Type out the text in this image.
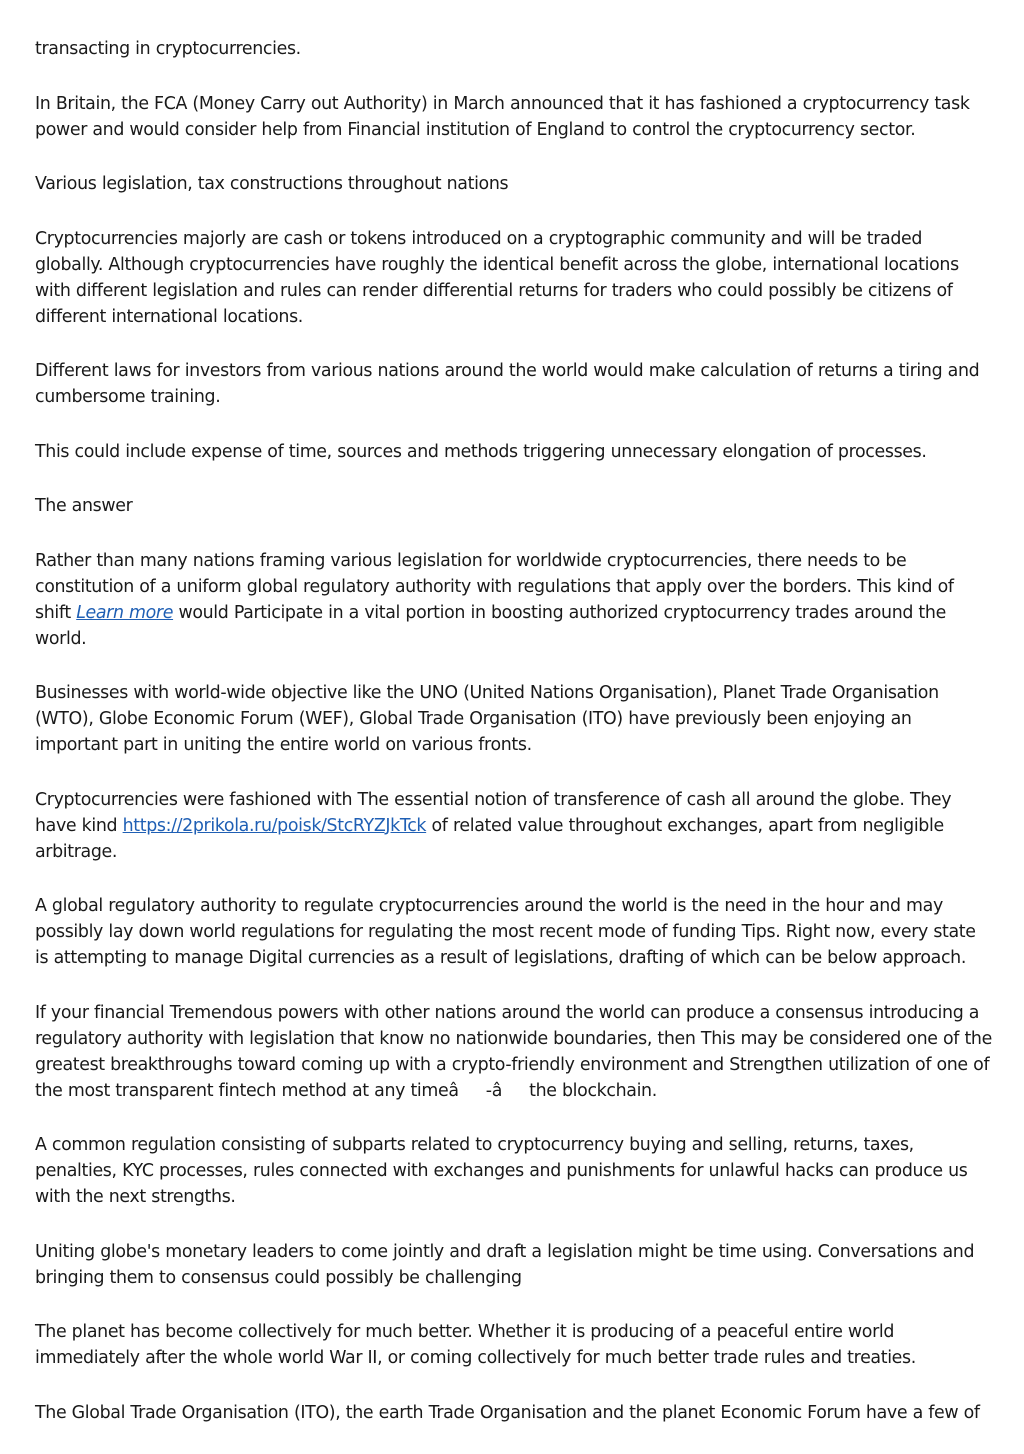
transacting in cryptocurrencies.

In Britain, the FCA (Money Carry out Authority) in March announced that it has fashioned a cryptocurrency task power and would consider help from Financial institution of England to control the cryptocurrency sector.

Various legislation, tax constructions throughout nations

Cryptocurrencies majorly are cash or tokens introduced on a cryptographic community and will be traded globally. Although cryptocurrencies have roughly the identical benefit across the globe, international locations with different legislation and rules can render differential returns for traders who could possibly be citizens of different international locations.

Different laws for investors from various nations around the world would make calculation of returns a tiring and cumbersome training.

This could include expense of time, sources and methods triggering unnecessary elongation of processes.

The answer

Rather than many nations framing various legislation for worldwide cryptocurrencies, there needs to be constitution of a uniform global regulatory authority with regulations that apply over the borders. This kind of shift Learn more would Participate in a vital portion in boosting authorized cryptocurrency trades around the world.

Businesses with world-wide objective like the UNO (United Nations Organisation), Planet Trade Organisation (WTO), Globe Economic Forum (WEF), Global Trade Organisation (ITO) have previously been enjoying an important part in uniting the entire world on various fronts.

Cryptocurrencies were fashioned with The essential notion of transference of cash all around the globe. They have kind https://2prikola.ru/poisk/StcRYZJkTck of related value throughout exchanges, apart from negligible arbitrage.

A global regulatory authority to regulate cryptocurrencies around the world is the need in the hour and may possibly lay down world regulations for regulating the most recent mode of funding Tips. Right now, every state is attempting to manage Digital currencies as a result of legislations, drafting of which can be below approach.

If your financial Tremendous powers with other nations around the world can produce a consensus introducing a regulatory authority with legislation that know no nationwide boundaries, then This may be considered one of the greatest breakthroughs toward coming up with a crypto-friendly environment and Strengthen utilization of one of the most transparent fintech method at any timeâ-âthe blockchain.

A common regulation consisting of subparts related to cryptocurrency buying and selling, returns, taxes, penalties, KYC processes, rules connected with exchanges and punishments for unlawful hacks can produce us with the next strengths.

Uniting globe's monetary leaders to come jointly and draft a legislation might be time using. Conversations and bringing them to consensus could possibly be challenging

The planet has become collectively for much better. Whether it is producing of a peaceful entire world immediately after the whole world War II, or coming collectively for much better trade rules and treaties.

The Global Trade Organisation (ITO), the earth Trade Organisation and the planet Economic Forum have a few of
